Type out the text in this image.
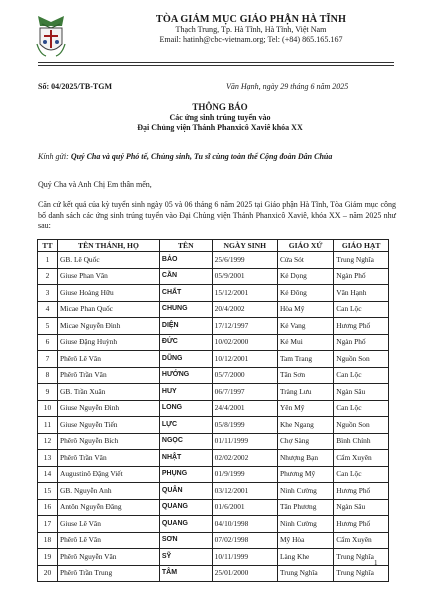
TÒA GIÁM MỤC GIÁO PHẬN HÀ TĨNH
Thạch Trung, Tp. Hà Tĩnh, Hà Tĩnh, Việt Nam
Email: hatinh@cbc-vietnam.org; Tel: (+84) 865.165.167
Số: 04/2025/TB-TGM	Văn Hạnh, ngày 29 tháng 6 năm 2025
THÔNG BÁO
Các ứng sinh trúng tuyển vào
Đại Chủng viện Thánh Phanxicô Xaviê khóa XX
Kính gửi: Quý Cha và quý Phó tế, Chủng sinh, Tu sĩ cùng toàn thể Cộng đoàn Dân Chúa
Quý Cha và Anh Chị Em thân mến,
Căn cứ kết quả của kỳ tuyển sinh ngày 05 và 06 tháng 6 năm 2025 tại Giáo phận Hà Tĩnh, Tòa Giám mục công bố danh sách các ứng sinh trúng tuyển vào Đại Chủng viện Thánh Phanxicô Xaviê, khóa XX – năm 2025 như sau:
TT	TÊN THÁNH, HỌ	TÊN	NGÀY SINH	GIÁO XỨ	GIÁO HẠT
1	GB. Lê Quốc	BẢO	25/6/1999	Cửa Sót	Trung Nghĩa
2	Giuse Phan Văn	CẦN	05/9/2001	Kẻ Dọng	Ngàn Phố
3	Giuse Hoàng Hữu	CHẤT	15/12/2001	Kẻ Đông	Văn Hạnh
4	Micae Phan Quốc	CHUNG	20/4/2002	Hòa Mỹ	Can Lộc
5	Micae Nguyễn Đình	DIỆN	17/12/1997	Kẻ Vang	Hương Phố
6	Giuse Đặng Huỳnh	ĐỨC	10/02/2000	Kẻ Mui	Ngàn Phố
7	Phêrô Lê Văn	DŨNG	10/12/2001	Tam Trang	Nguồn Son
8	Phêrô Trần Văn	HƯỚNG	05/7/2000	Tân Sơn	Can Lộc
9	GB. Trần Xuân	HUY	06/7/1997	Tràng Lưu	Ngàn Sâu
10	Giuse Nguyễn Đình	LONG	24/4/2001	Yên Mỹ	Can Lộc
11	Giuse Nguyễn Tiến	LỰC	05/8/1999	Khe Ngang	Nguồn Son
12	Phêrô Nguyễn Bích	NGỌC	01/11/1999	Chợ Sàng	Bình Chính
13	Phêrô Trần Văn	NHẬT	02/02/2002	Nhượng Bạn	Cẩm Xuyên
14	Augustinô Đặng Viết	PHỤNG	01/9/1999	Phương Mỹ	Can Lộc
15	GB. Nguyễn Anh	QUÂN	03/12/2001	Ninh Cường	Hương Phố
16	Antôn Nguyễn Đăng	QUANG	01/6/2001	Tân Phương	Ngàn Sâu
17	Giuse Lê Văn	QUANG	04/10/1998	Ninh Cường	Hương Phố
18	Phêrô Lê Văn	SƠN	07/02/1998	Mỹ Hòa	Cẩm Xuyên
19	Phêrô Nguyễn Văn	SỸ	10/11/1999	Làng Khe	Trung Nghĩa
20	Phêrô Trần Trung	TÂM	25/01/2000	Trung Nghĩa	Trung Nghĩa
1
